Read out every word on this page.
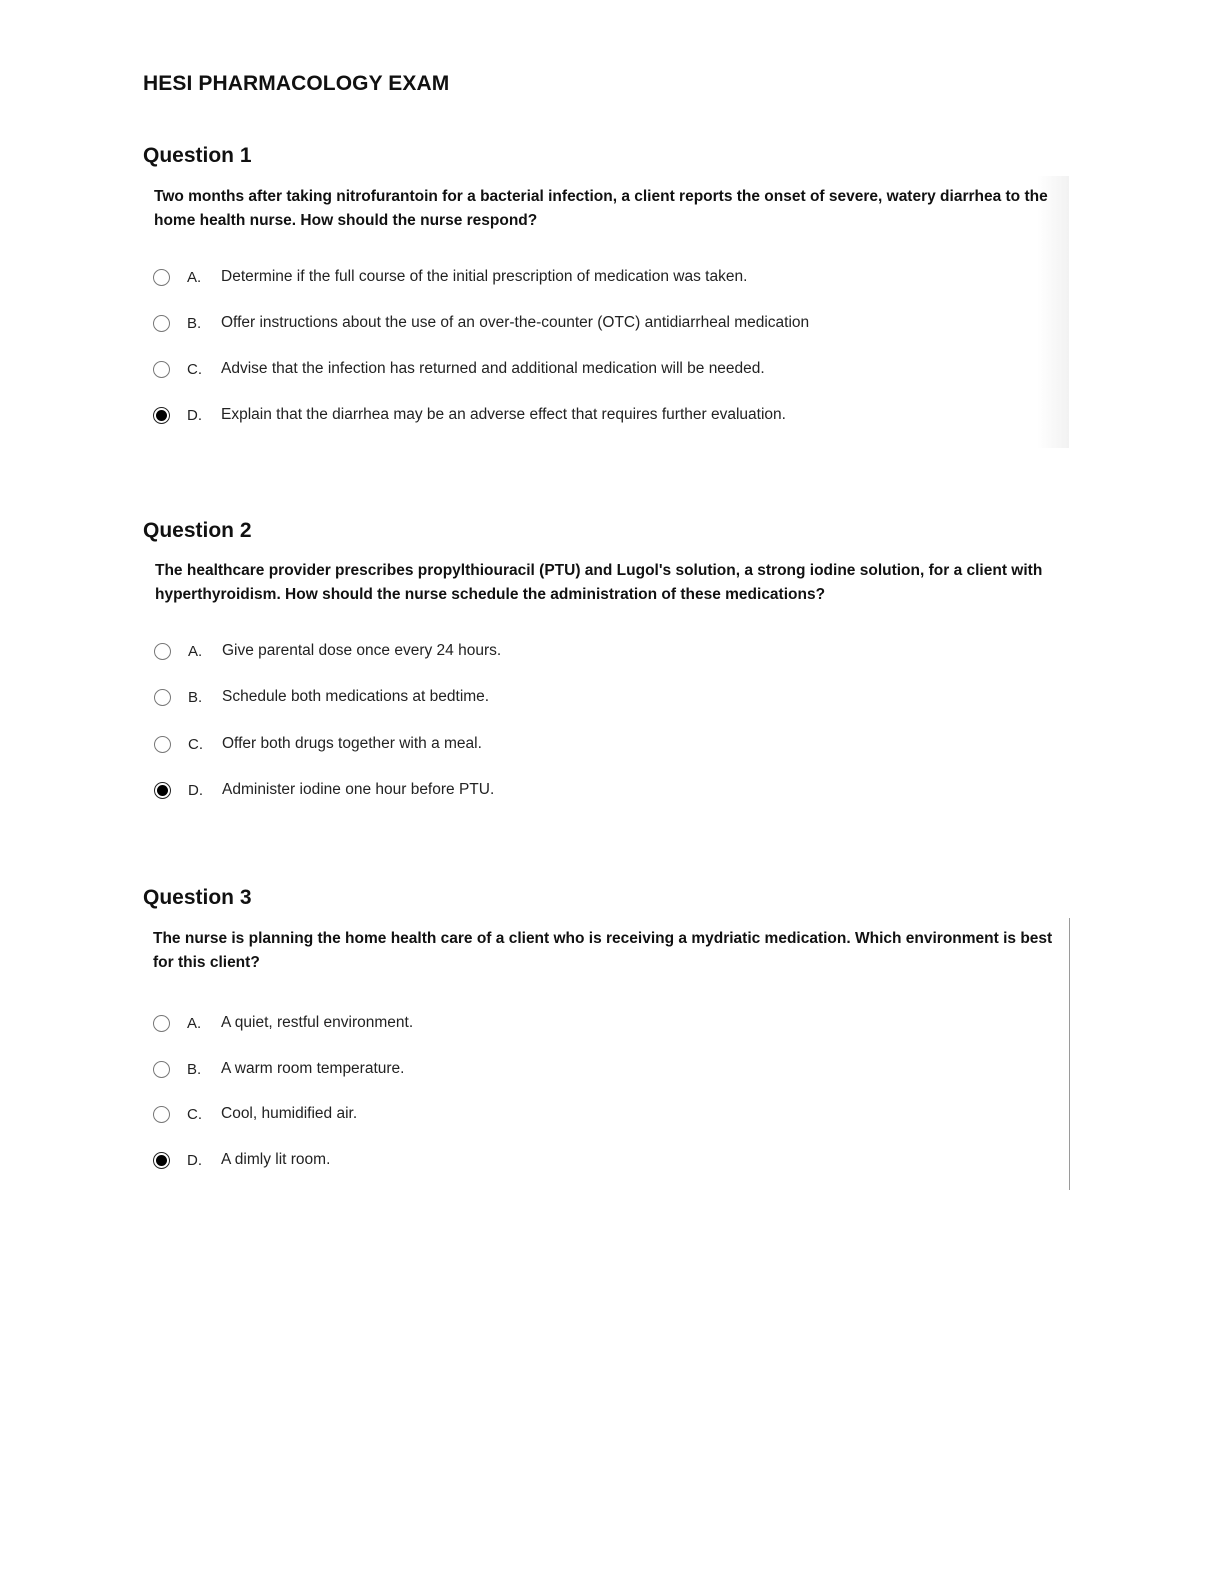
HESI PHARMACOLOGY EXAM
Question 1
Two months after taking nitrofurantoin for a bacterial infection, a client reports the onset of severe, watery diarrhea to the home health nurse. How should the nurse respond?
A.	Determine if the full course of the initial prescription of medication was taken.
B.	Offer instructions about the use of an over-the-counter (OTC) antidiarrheal medication
C.	Advise that the infection has returned and additional medication will be needed.
D.	Explain that the diarrhea may be an adverse effect that requires further evaluation.
Question 2
The healthcare provider prescribes propylthiouracil (PTU) and Lugol's solution, a strong iodine solution, for a client with hyperthyroidism. How should the nurse schedule the administration of these medications?
A.	Give parental dose once every 24 hours.
B.	Schedule both medications at bedtime.
C.	Offer both drugs together with a meal.
D.	Administer iodine one hour before PTU.
Question 3
The nurse is planning the home health care of a client who is receiving a mydriatic medication. Which environment is best for this client?
A.	A quiet, restful environment.
B.	A warm room temperature.
C.	Cool, humidified air.
D.	A dimly lit room.
